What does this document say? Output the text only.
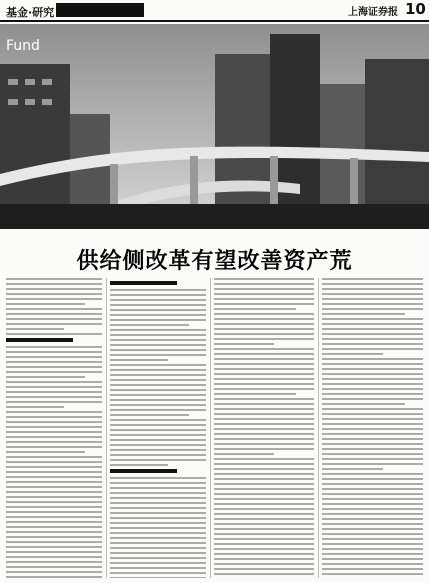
基金·研究	上海证券报 10
Fund
供给侧改革有望改善资产荒
